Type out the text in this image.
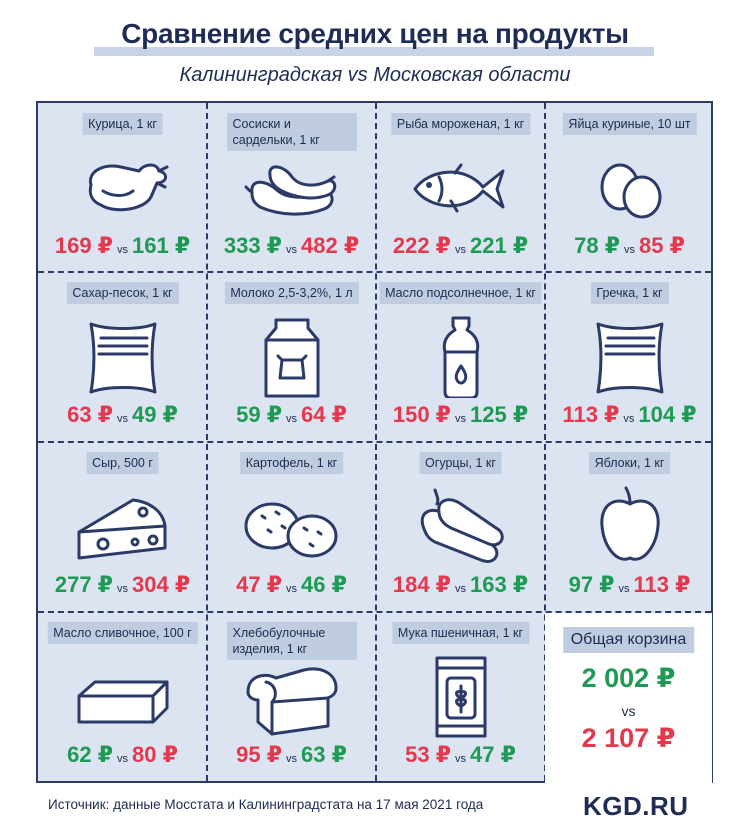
Сравнение средних цен на продукты
Калининградская vs Московская области
Курица, 1 кг
169 ₽ vs 161 ₽
Сосиски и сардельки, 1 кг
333 ₽ vs 482 ₽
Рыба мороженая, 1 кг
222 ₽ vs 221 ₽
Яйца куриные, 10 шт
78 ₽ vs 85 ₽
Сахар-песок, 1 кг
63 ₽ vs 49 ₽
Молоко 2,5-3,2%, 1 л
59 ₽ vs 64 ₽
Масло подсолнечное, 1 кг
150 ₽ vs 125 ₽
Гречка, 1 кг
113 ₽ vs 104 ₽
Сыр, 500 г
277 ₽ vs 304 ₽
Картофель, 1 кг
47 ₽ vs 46 ₽
Огурцы, 1 кг
184 ₽ vs 163 ₽
Яблоки, 1 кг
97 ₽ vs 113 ₽
Масло сливочное, 100 г
62 ₽ vs 80 ₽
Хлебобулочные изделия, 1 кг
95 ₽ vs 63 ₽
Мука пшеничная, 1 кг
53 ₽ vs 47 ₽
Общая корзина
2 002 ₽
vs
2 107 ₽
Источник: данные Мосстата и Калининградстата на 17 мая 2021 года	KGD.RU
